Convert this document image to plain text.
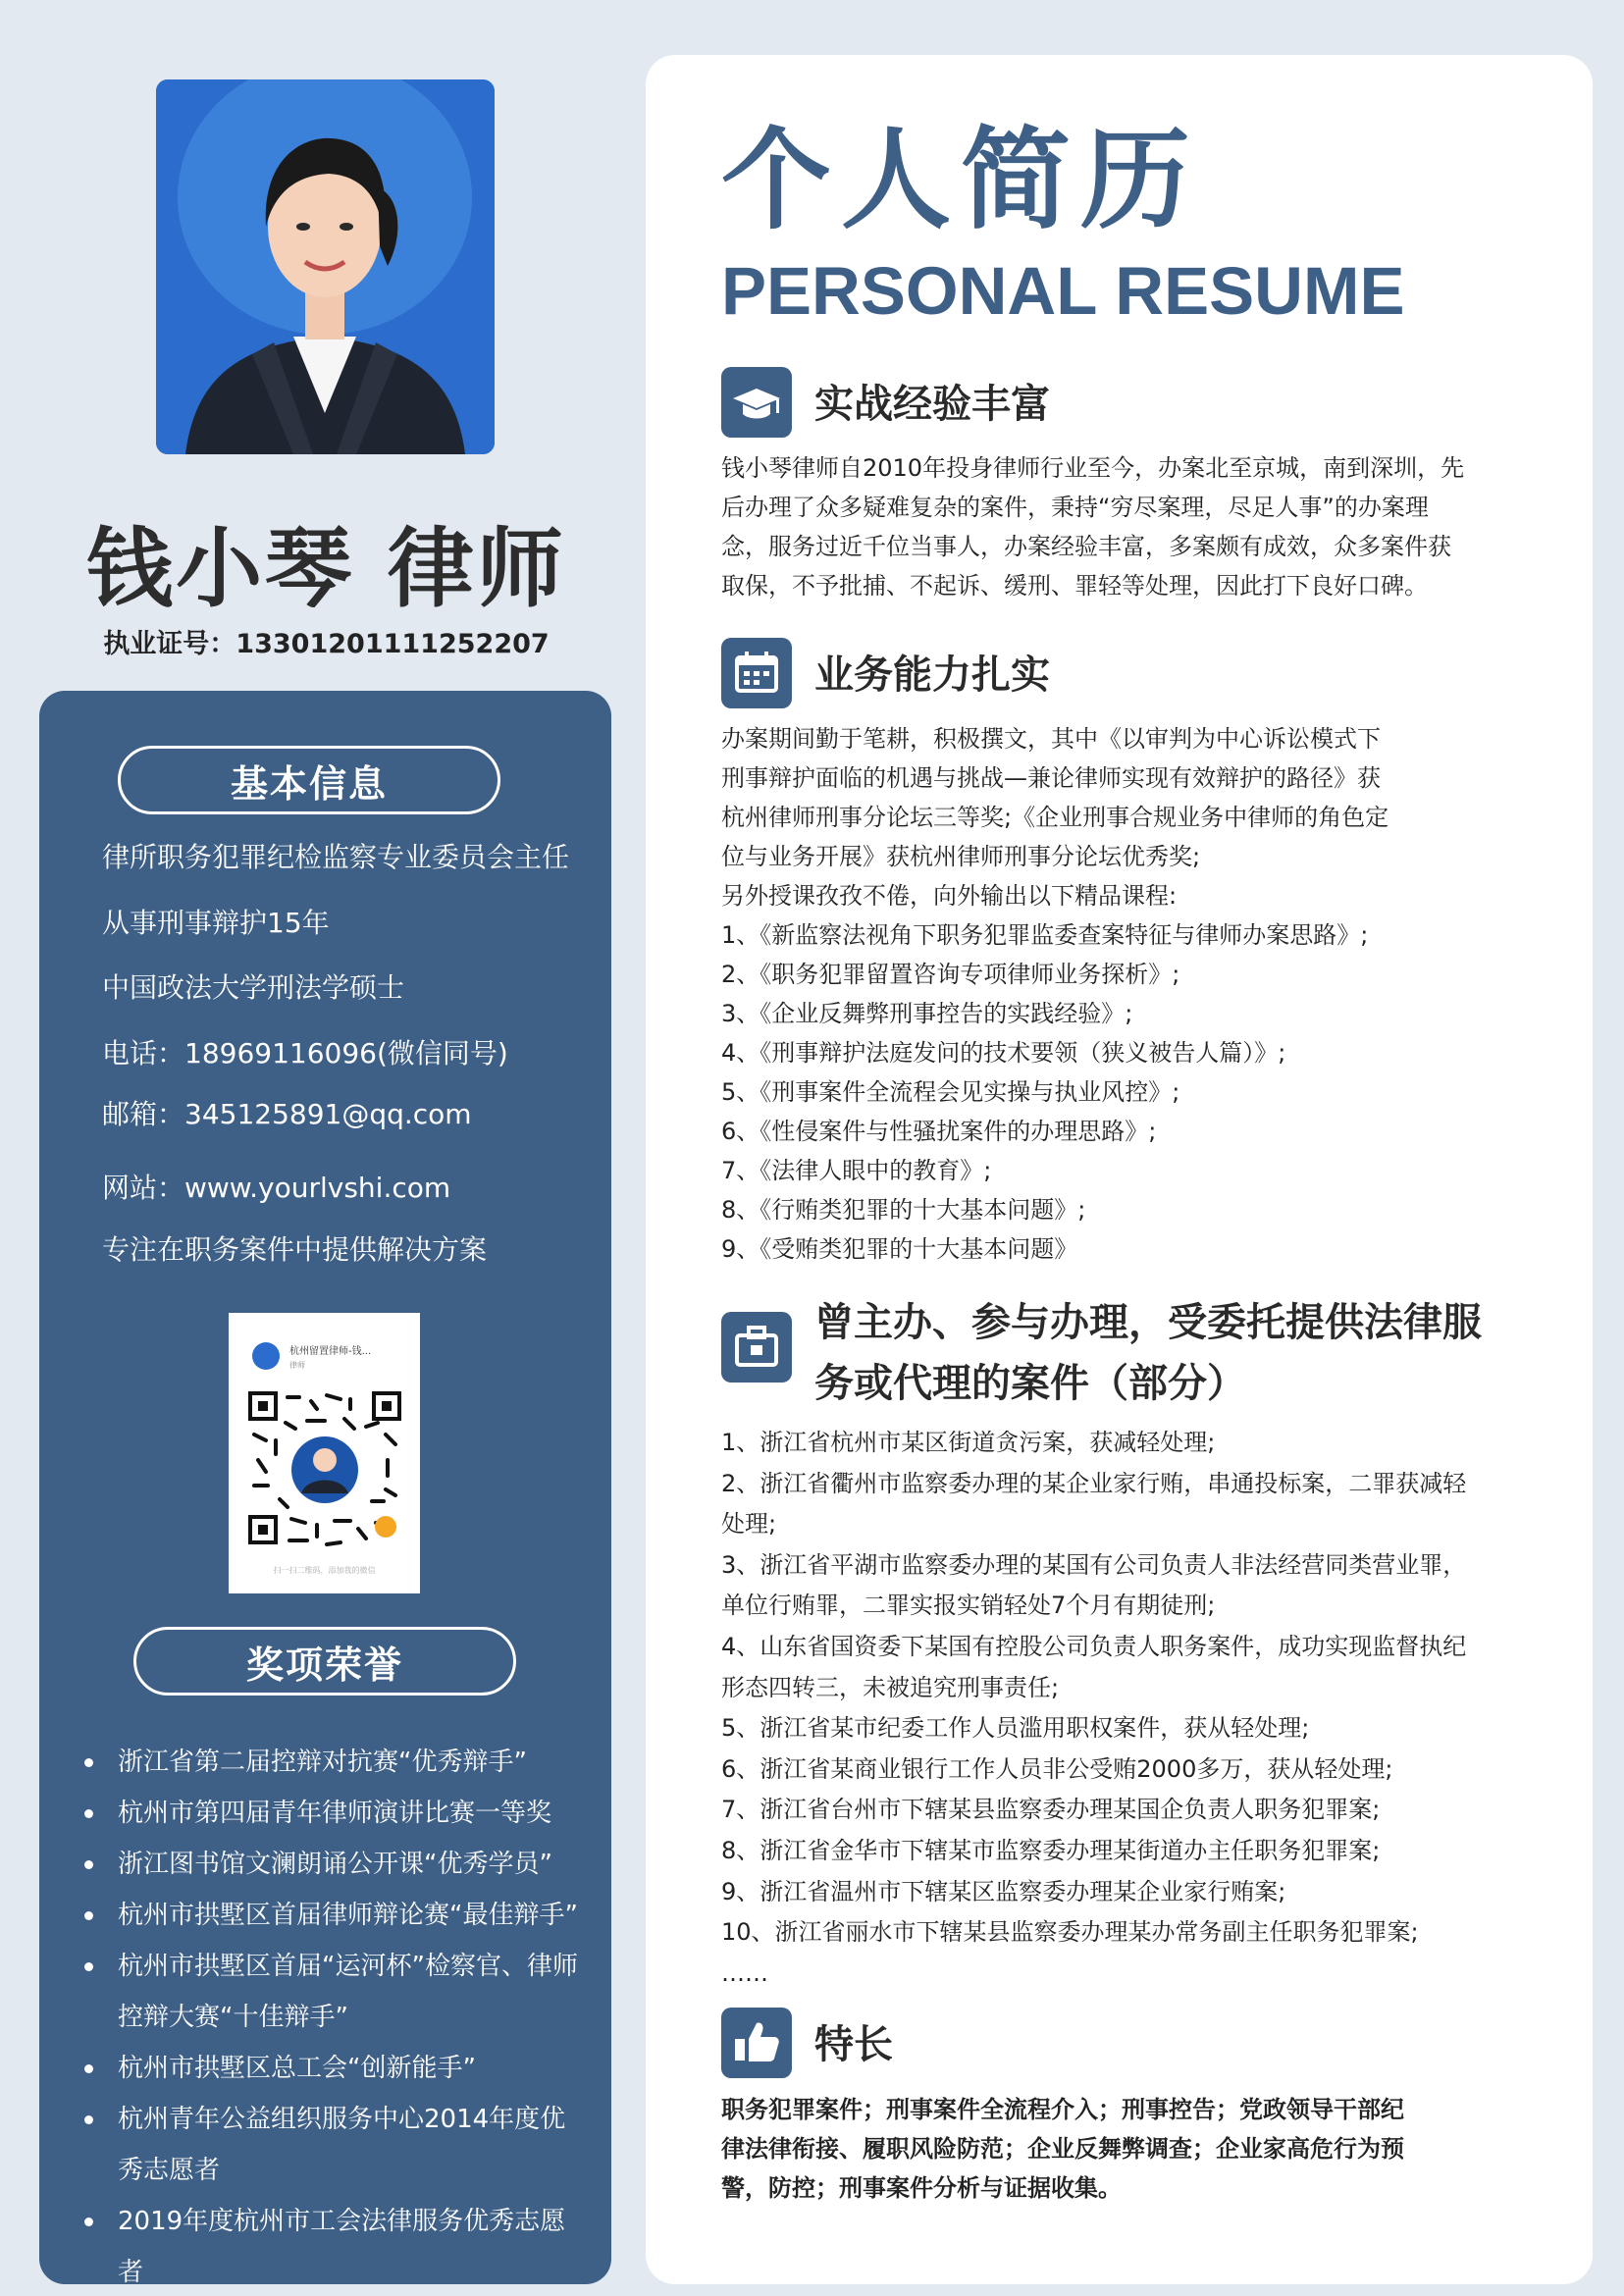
钱小琴 律师
执业证号：13301201111252207
基本信息
律所职务犯罪纪检监察专业委员会主任
从事刑事辩护15年
中国政法大学刑法学硕士
电话：18969116096(微信同号)
邮箱：345125891@qq.com
网站：www.yourlvshi.com
专注在职务案件中提供解决方案
杭州留置律师-钱...
律师
扫一扫二维码，添加我的微信
奖项荣誉
浙江省第二届控辩对抗赛“优秀辩手”
杭州市第四届青年律师演讲比赛一等奖
浙江图书馆文澜朗诵公开课“优秀学员”
杭州市拱墅区首届律师辩论赛“最佳辩手”
杭州市拱墅区首届“运河杯”检察官、律师控辩大赛“十佳辩手”
杭州市拱墅区总工会“创新能手”
杭州青年公益组织服务中心2014年度优秀志愿者
2019年度杭州市工会法律服务优秀志愿者
个人简历
PERSONAL RESUME
实战经验丰富
钱小琴律师自2010年投身律师行业至今，办案北至京城，南到深圳，先
后办理了众多疑难复杂的案件，秉持“穷尽案理，尽足人事”的办案理
念，服务过近千位当事人，办案经验丰富，多案颇有成效，众多案件获
取保，不予批捕、不起诉、缓刑、罪轻等处理，因此打下良好口碑。
业务能力扎实
办案期间勤于笔耕，积极撰文，其中《以审判为中心诉讼模式下
刑事辩护面临的机遇与挑战—兼论律师实现有效辩护的路径》获
杭州律师刑事分论坛三等奖;《企业刑事合规业务中律师的角色定
位与业务开展》获杭州律师刑事分论坛优秀奖;
另外授课孜孜不倦，向外输出以下精品课程:
1、《新监察法视角下职务犯罪监委查案特征与律师办案思路》;
2、《职务犯罪留置咨询专项律师业务探析》;
3、《企业反舞弊刑事控告的实践经验》;
4、《刑事辩护法庭发问的技术要领（狭义被告人篇）》;
5、《刑事案件全流程会见实操与执业风控》;
6、《性侵案件与性骚扰案件的办理思路》;
7、《法律人眼中的教育》;
8、《行贿类犯罪的十大基本问题》;
9、《受贿类犯罪的十大基本问题》
曾主办、参与办理，受委托提供法律服
务或代理的案件（部分）
1、浙江省杭州市某区街道贪污案，获减轻处理;
2、浙江省衢州市监察委办理的某企业家行贿，串通投标案，二罪获减轻
处理;
3、浙江省平湖市监察委办理的某国有公司负责人非法经营同类营业罪，
单位行贿罪，二罪实报实销轻处7个月有期徒刑;
4、山东省国资委下某国有控股公司负责人职务案件，成功实现监督执纪
形态四转三，未被追究刑事责任;
5、浙江省某市纪委工作人员滥用职权案件，获从轻处理;
6、浙江省某商业银行工作人员非公受贿2000多万，获从轻处理;
7、浙江省台州市下辖某县监察委办理某国企负责人职务犯罪案;
8、浙江省金华市下辖某市监察委办理某街道办主任职务犯罪案;
9、浙江省温州市下辖某区监察委办理某企业家行贿案;
10、浙江省丽水市下辖某县监察委办理某办常务副主任职务犯罪案;
……
特长
职务犯罪案件；刑事案件全流程介入；刑事控告；党政领导干部纪
律法律衔接、履职风险防范；企业反舞弊调查；企业家高危行为预
警，防控；刑事案件分析与证据收集。
